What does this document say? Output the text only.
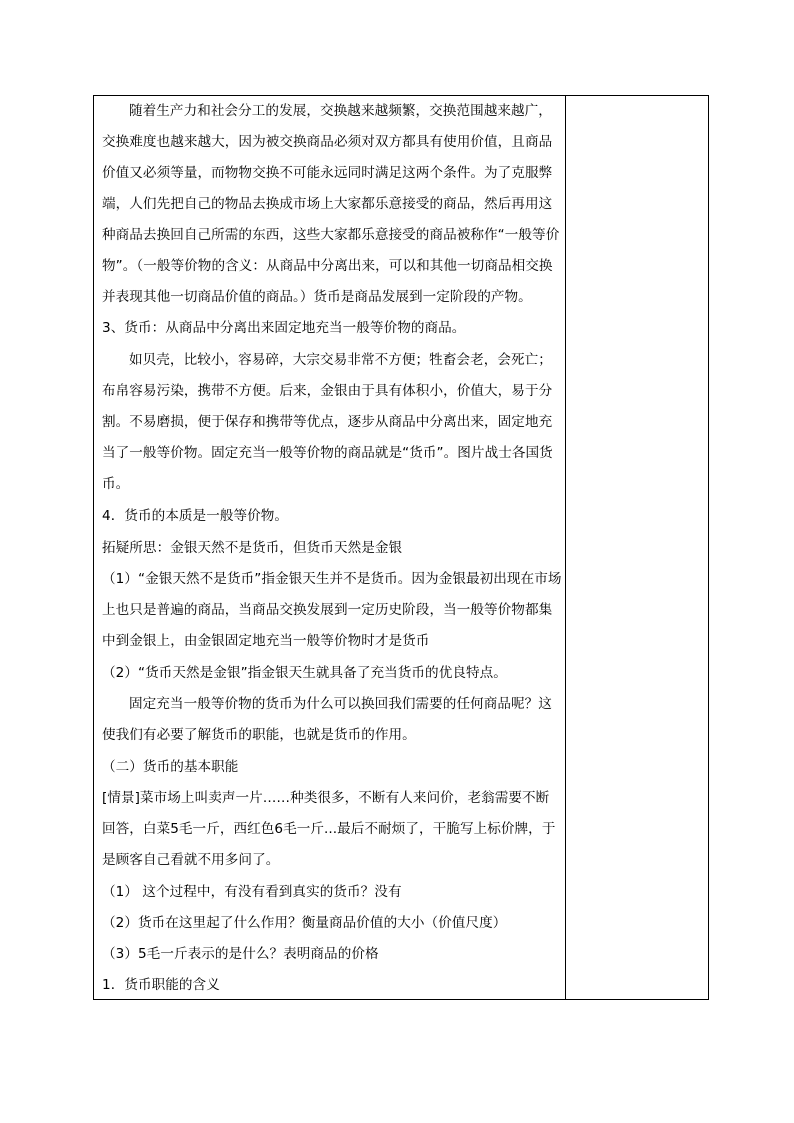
随着生产力和社会分工的发展，交换越来越频繁，交换范围越来越广，交换难度也越来越大，因为被交换商品必须对双方都具有使用价值，且商品价值又必须等量，而物物交换不可能永远同时满足这两个条件。为了克服弊端，人们先把自己的物品去换成市场上大家都乐意接受的商品，然后再用这种商品去换回自己所需的东西，这些大家都乐意接受的商品被称作“一般等价物”。（一般等价物的含义：从商品中分离出来，可以和其他一切商品相交换并表现其他一切商品价值的商品。）货币是商品发展到一定阶段的产物。

3、货币：从商品中分离出来固定地充当一般等价物的商品。

如贝壳，比较小，容易碎，大宗交易非常不方便；牲畜会老，会死亡；布帛容易污染，携带不方便。后来，金银由于具有体积小，价值大，易于分割。不易磨损，便于保存和携带等优点，逐步从商品中分离出来，固定地充当了一般等价物。固定充当一般等价物的商品就是“货币”。图片战士各国货币。

4．货币的本质是一般等价物。

拓疑所思：金银天然不是货币，但货币天然是金银

（1）“金银天然不是货币”指金银天生并不是货币。因为金银最初出现在市场上也只是普遍的商品，当商品交换发展到一定历史阶段，当一般等价物都集中到金银上，由金银固定地充当一般等价物时才是货币

（2）“货币天然是金银”指金银天生就具备了充当货币的优良特点。

固定充当一般等价物的货币为什么可以换回我们需要的任何商品呢？这使我们有必要了解货币的职能，也就是货币的作用。

（二）货币的基本职能

[情景]菜市场上叫卖声一片……种类很多，不断有人来问价，老翁需要不断回答，白菜5毛一斤，西红色6毛一斤...最后不耐烦了，干脆写上标价牌，于是顾客自己看就不用多问了。

（1） 这个过程中，有没有看到真实的货币？没有

（2）货币在这里起了什么作用？衡量商品价值的大小（价值尺度）

（3）5毛一斤表示的是什么？表明商品的价格

1．货币职能的含义
